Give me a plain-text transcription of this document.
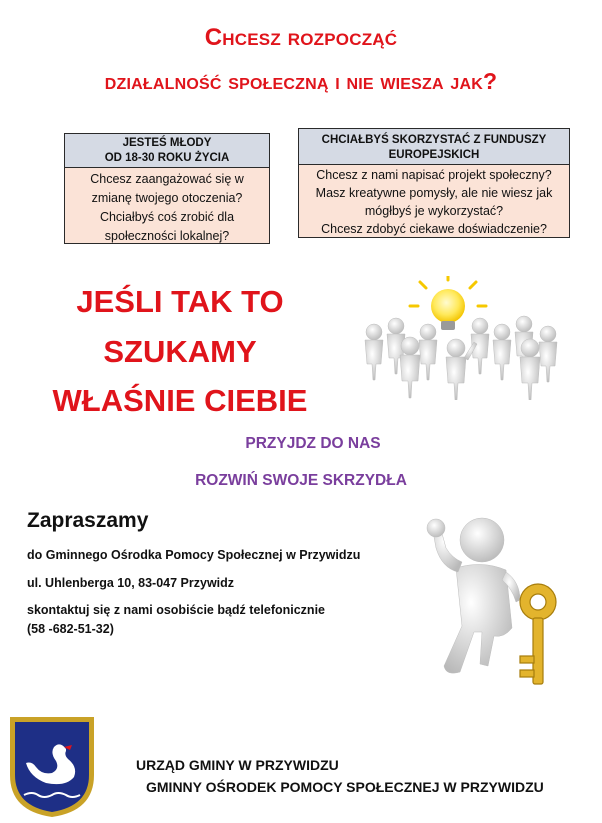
Chcesz rozpocząć
działalność społeczną i nie wiesza jak?
JESTEŚ MŁODY
OD 18-30 ROKU ŻYCIA
Chcesz zaangażować się w
zmianę twojego otoczenia?
Chciałbyś coś zrobić dla
społeczności lokalnej?
CHCIAŁBYŚ SKORZYSTAĆ Z FUNDUSZY
EUROPEJSKICH
Chcesz z nami napisać projekt społeczny?
Masz kreatywne pomysły, ale nie wiesz jak
mógłbyś je wykorzystać?
Chcesz zdobyć ciekawe doświadczenie?
JEŚLI TAK TO
SZUKAMY
WŁAŚNIE CIEBIE
PRZYJDZ DO NAS
ROZWIŃ SWOJE SKRZYDŁA
Zapraszamy
do Gminnego Ośrodka Pomocy Społecznej w Przywidzu
ul. Uhlenberga 10, 83-047 Przywidz
skontaktuj się z nami osobiście bądź telefonicznie
(58 -682-51-32)
URZĄD GMINY W PRZYWIDZU
GMINNY OŚRODEK POMOCY SPOŁECZNEJ W PRZYWIDZU
